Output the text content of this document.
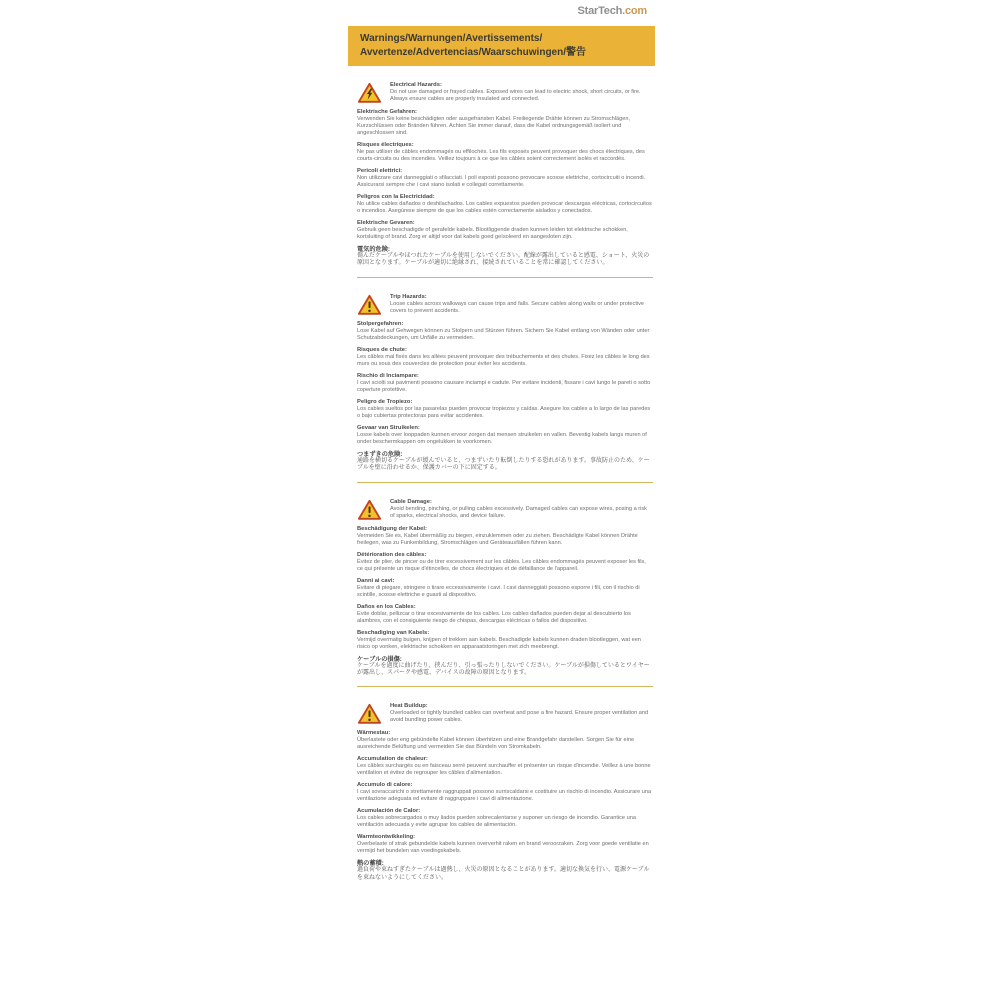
StarTech.com
Warnings/Warnungen/Avertissements/
Avvertenze/Advertencias/Waarschuwingen/警告
Electrical Hazards:
Do not use damaged or frayed cables. Exposed wires can lead to electric shock, short circuits, or fire. Always ensure cables are properly insulated and connected.
Elektrische Gefahren:
Verwenden Sie keine beschädigten oder ausgefransten Kabel. Freiliegende Drähte können zu Stromschlägen, Kurzschlüssen oder Bränden führen. Achten Sie immer darauf, dass die Kabel ordnungsgemäß isoliert und angeschlossen sind.
Risques électriques:
Ne pas utiliser de câbles endommagés ou effilochés. Les fils exposés peuvent provoquer des chocs électriques, des courts-circuits ou des incendies. Veillez toujours à ce que les câbles soient correctement isolés et raccordés.
Pericoli elettrici:
Non utilizzare cavi danneggiati o sfilacciati. I poli esposti possono provocare scosse elettriche, cortocircuiti o incendi. Assicurarsi sempre che i cavi siano isolati e collegati correttamente.
Peligros con la Electricidad:
No utilice cables dañados o deshilachados. Los cables expuestos pueden provocar descargas eléctricas, cortocircuitos o incendios. Asegúrese siempre de que los cables estén correctamente aislados y conectados.
Elektrische Gevaren:
Gebruik geen beschadigde of gerafelde kabels. Blootliggende draden kunnen leiden tot elektrische schokken, kortsluiting of brand. Zorg er altijd voor dat kabels goed geïsoleerd en aangesloten zijn.
電気的危険:
傷んだケーブルやほつれたケーブルを使用しないでください。配線が露出していると感電、ショート、火災の原因となります。ケーブルが適切に絶縁され、接続されていることを常に確認してください。
Trip Hazards:
Loose cables across walkways can cause trips and falls. Secure cables along walls or under protective covers to prevent accidents.
Stolpergefahren:
Lose Kabel auf Gehwegen können zu Stolpern und Stürzen führen. Sichern Sie Kabel entlang von Wänden oder unter Schutzabdeckungen, um Unfälle zu vermeiden.
Risques de chute:
Les câbles mal fixés dans les allées peuvent provoquer des trébuchements et des chutes. Fixez les câbles le long des murs ou sous des couvercles de protection pour éviter les accidents.
Rischio di Inciampare:
I cavi sciolti sui pavimenti possono causare inciampi e cadute. Per evitare incidenti, fissare i cavi lungo le pareti o sotto coperture protettive.
Peligro de Tropiezo:
Los cables sueltos por las pasarelas pueden provocar tropiezos y caídas. Asegure los cables a lo largo de las paredes o bajo cubiertas protectoras para evitar accidentes.
Gevaar van Struikelen:
Losse kabels over looppaden kunnen ervoor zorgen dat mensen struikelen en vallen. Bevestig kabels langs muren of onder beschermkappen om ongelukken te voorkomen.
つまずきの危険:
通路を横切るケーブルが緩んでいると、つまずいたり転倒したりする恐れがあります。事故防止のため、ケーブルを壁に沿わせるか、保護カバーの下に固定する。
Cable Damage:
Avoid bending, pinching, or pulling cables excessively. Damaged cables can expose wires, posing a risk of sparks, electrical shocks, and device failure.
Beschädigung der Kabel:
Vermeiden Sie es, Kabel übermäßig zu biegen, einzuklemmen oder zu ziehen. Beschädigte Kabel können Drähte freilegen, was zu Funkenbildung, Stromschlägen und Geräteausfällen führen kann.
Détérioration des câbles:
Évitez de plier, de pincer ou de tirer excessivement sur les câbles. Les câbles endommagés peuvent exposer les fils, ce qui présente un risque d'étincelles, de chocs électriques et de défaillance de l'appareil.
Danni ai cavi:
Evitare di piegare, stringere o tirare eccessivamente i cavi. I cavi danneggiati possono esporre i fili, con il rischio di scintille, scosse elettriche e guasti al dispositivo.
Daños en los Cables:
Evite doblar, pellizcar o tirar excesivamente de los cables. Los cables dañados pueden dejar al descubierto los alambres, con el consiguiente riesgo de chispas, descargas eléctricas o fallos del dispositivo.
Beschadiging van Kabels:
Vermijd overmatig buigen, knijpen of trekken aan kabels. Beschadigde kabels kunnen draden blootleggen, wat een risico op vonken, elektrische schokken en apparaatstoringen met zich meebrengt.
ケーブルの損傷:
ケーブルを過度に曲げたり、挟んだり、引っ張ったりしないでください。ケーブルが損傷しているとワイヤーが露出し、スパークや感電、デバイスの故障の原因となります。
Heat Buildup:
Overloaded or tightly bundled cables can overheat and pose a fire hazard. Ensure proper ventilation and avoid bundling power cables.
Wärmestau:
Überlastete oder eng gebündelte Kabel können überhitzen und eine Brandgefahr darstellen. Sorgen Sie für eine ausreichende Belüftung und vermeiden Sie das Bündeln von Stromkabeln.
Accumulation de chaleur:
Les câbles surchargés ou en faisceau serré peuvent surchauffer et présenter un risque d'incendie. Veillez à une bonne ventilation et évitez de regrouper les câbles d'alimentation.
Accumulo di calore:
I cavi sovraccarichi o strettamente raggruppati possono surriscaldarsi e costituire un rischio di incendio. Assicurare una ventilazione adeguata ed evitare di raggruppare i cavi di alimentazione.
Acumulación de Calor:
Los cables sobrecargados o muy liados pueden sobrecalentarse y suponer un riesgo de incendio. Garantice una ventilación adecuada y evite agrupar los cables de alimentación.
Warmteontwikkeling:
Overbelaste of strak gebundelde kabels kunnen oververhit raken en brand veroorzaken. Zorg voor goede ventilatie en vermijd het bundelen van voedingskabels.
熱の蓄積:
過負荷や束ねすぎたケーブルは過熱し、火災の原因となることがあります。適切な換気を行い、電源ケーブルを束ねないようにしてください。
